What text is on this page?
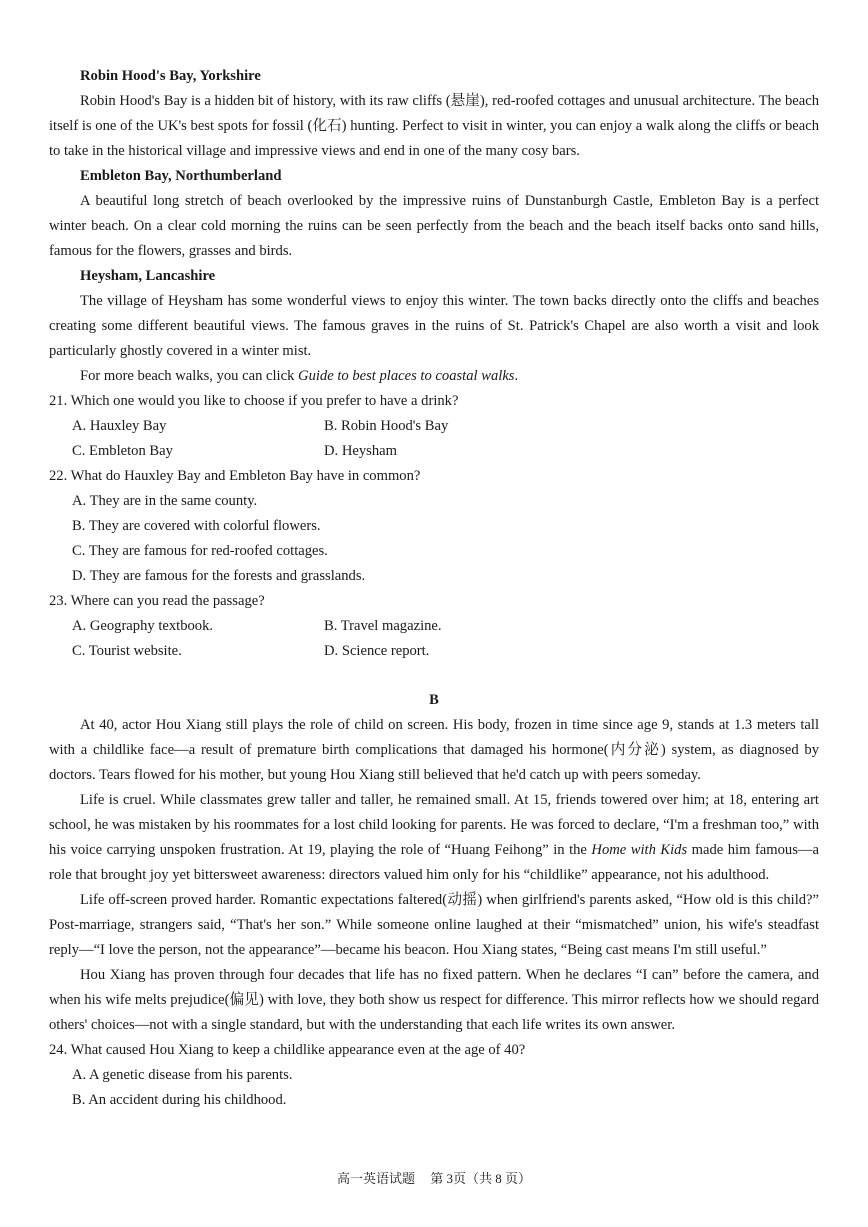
Robin Hood's Bay, Yorkshire

Robin Hood's Bay is a hidden bit of history, with its raw cliffs (悬崖), red-roofed cottages and unusual architecture. The beach itself is one of the UK's best spots for fossil (化石) hunting. Perfect to visit in winter, you can enjoy a walk along the cliffs or beach to take in the historical village and impressive views and end in one of the many cosy bars.

Embleton Bay, Northumberland

A beautiful long stretch of beach overlooked by the impressive ruins of Dunstanburgh Castle, Embleton Bay is a perfect winter beach. On a clear cold morning the ruins can be seen perfectly from the beach and the beach itself backs onto sand hills, famous for the flowers, grasses and birds.

Heysham, Lancashire

The village of Heysham has some wonderful views to enjoy this winter. The town backs directly onto the cliffs and beaches creating some different beautiful views. The famous graves in the ruins of St. Patrick's Chapel are also worth a visit and look particularly ghostly covered in a winter mist.

For more beach walks, you can click Guide to best places to coastal walks.

21. Which one would you like to choose if you prefer to have a drink?

A. Hauxley Bay	B. Robin Hood's Bay
C. Embleton Bay	D. Heysham

22. What do Hauxley Bay and Embleton Bay have in common?

A. They are in the same county.

B. They are covered with colorful flowers.

C. They are famous for red-roofed cottages.

D. They are famous for the forests and grasslands.

23. Where can you read the passage?

A. Geography textbook.	B. Travel magazine.
C. Tourist website.	D. Science report.

B

At 40, actor Hou Xiang still plays the role of child on screen. His body, frozen in time since age 9, stands at 1.3 meters tall with a childlike face—a result of premature birth complications that damaged his hormone(内分泌) system, as diagnosed by doctors. Tears flowed for his mother, but young Hou Xiang still believed that he'd catch up with peers someday.

Life is cruel. While classmates grew taller and taller, he remained small. At 15, friends towered over him; at 18, entering art school, he was mistaken by his roommates for a lost child looking for parents. He was forced to declare, “I'm a freshman too,” with his voice carrying unspoken frustration. At 19, playing the role of “Huang Feihong” in the Home with Kids made him famous—a role that brought joy yet bittersweet awareness: directors valued him only for his “childlike” appearance, not his adulthood.

Life off-screen proved harder. Romantic expectations faltered(动摇) when girlfriend's parents asked, “How old is this child?” Post-marriage, strangers said, “That's her son.” While someone online laughed at their “mismatched” union, his wife's steadfast reply—“I love the person, not the appearance”—became his beacon. Hou Xiang states, “Being cast means I'm still useful.”

Hou Xiang has proven through four decades that life has no fixed pattern. When he declares “I can” before the camera, and when his wife melts prejudice(偏见) with love, they both show us respect for difference. This mirror reflects how we should regard others' choices—not with a single standard, but with the understanding that each life writes its own answer.

24. What caused Hou Xiang to keep a childlike appearance even at the age of 40?

A. A genetic disease from his parents.

B. An accident during his childhood.

高一英语试题 第 3页（共 8 页）
